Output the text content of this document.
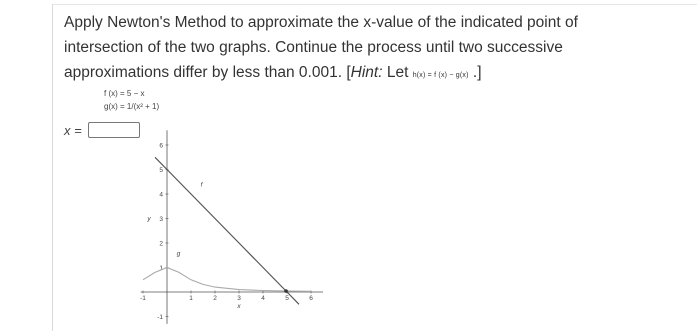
Apply Newton's Method to approximate the x-value of the indicated point of
intersection of the two graphs. Continue the process until two successive
approximations differ by less than 0.001. [Hint: Let h(x) = f (x) − g(x) .]
f (x) = 5 − x
g(x) = 1/(x² + 1)
x =
-1	1	2	3	4	5	6
-1
1
2
3
4
5
6
x
y
f
g
